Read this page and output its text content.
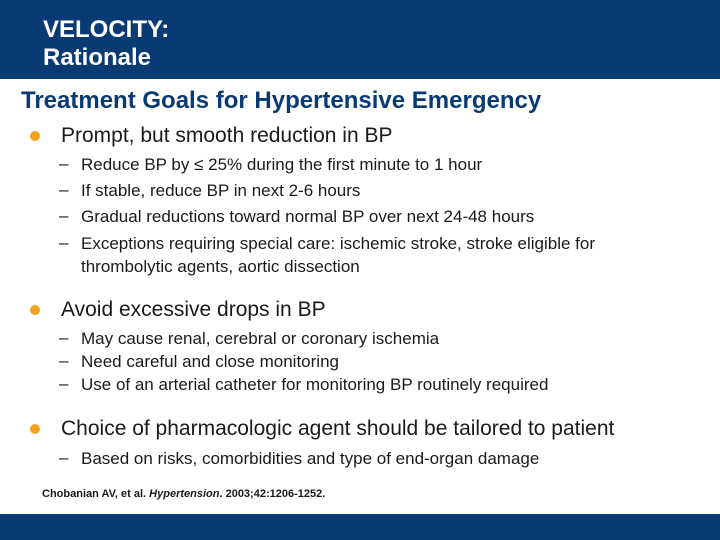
VELOCITY:
Rationale
Treatment Goals for Hypertensive Emergency
Prompt, but smooth reduction in BP
– Reduce BP by ≤ 25% during the first minute to 1 hour
– If stable, reduce BP in next 2-6 hours
– Gradual reductions toward normal BP over next 24-48 hours
– Exceptions requiring special care: ischemic stroke, stroke eligible for
thrombolytic agents, aortic dissection
Avoid excessive drops in BP
– May cause renal, cerebral or coronary ischemia
– Need careful and close monitoring
– Use of an arterial catheter for monitoring BP routinely required
Choice of pharmacologic agent should be tailored to patient
– Based on risks, comorbidities and type of end-organ damage
Chobanian AV, et al. Hypertension. 2003;42:1206-1252.
